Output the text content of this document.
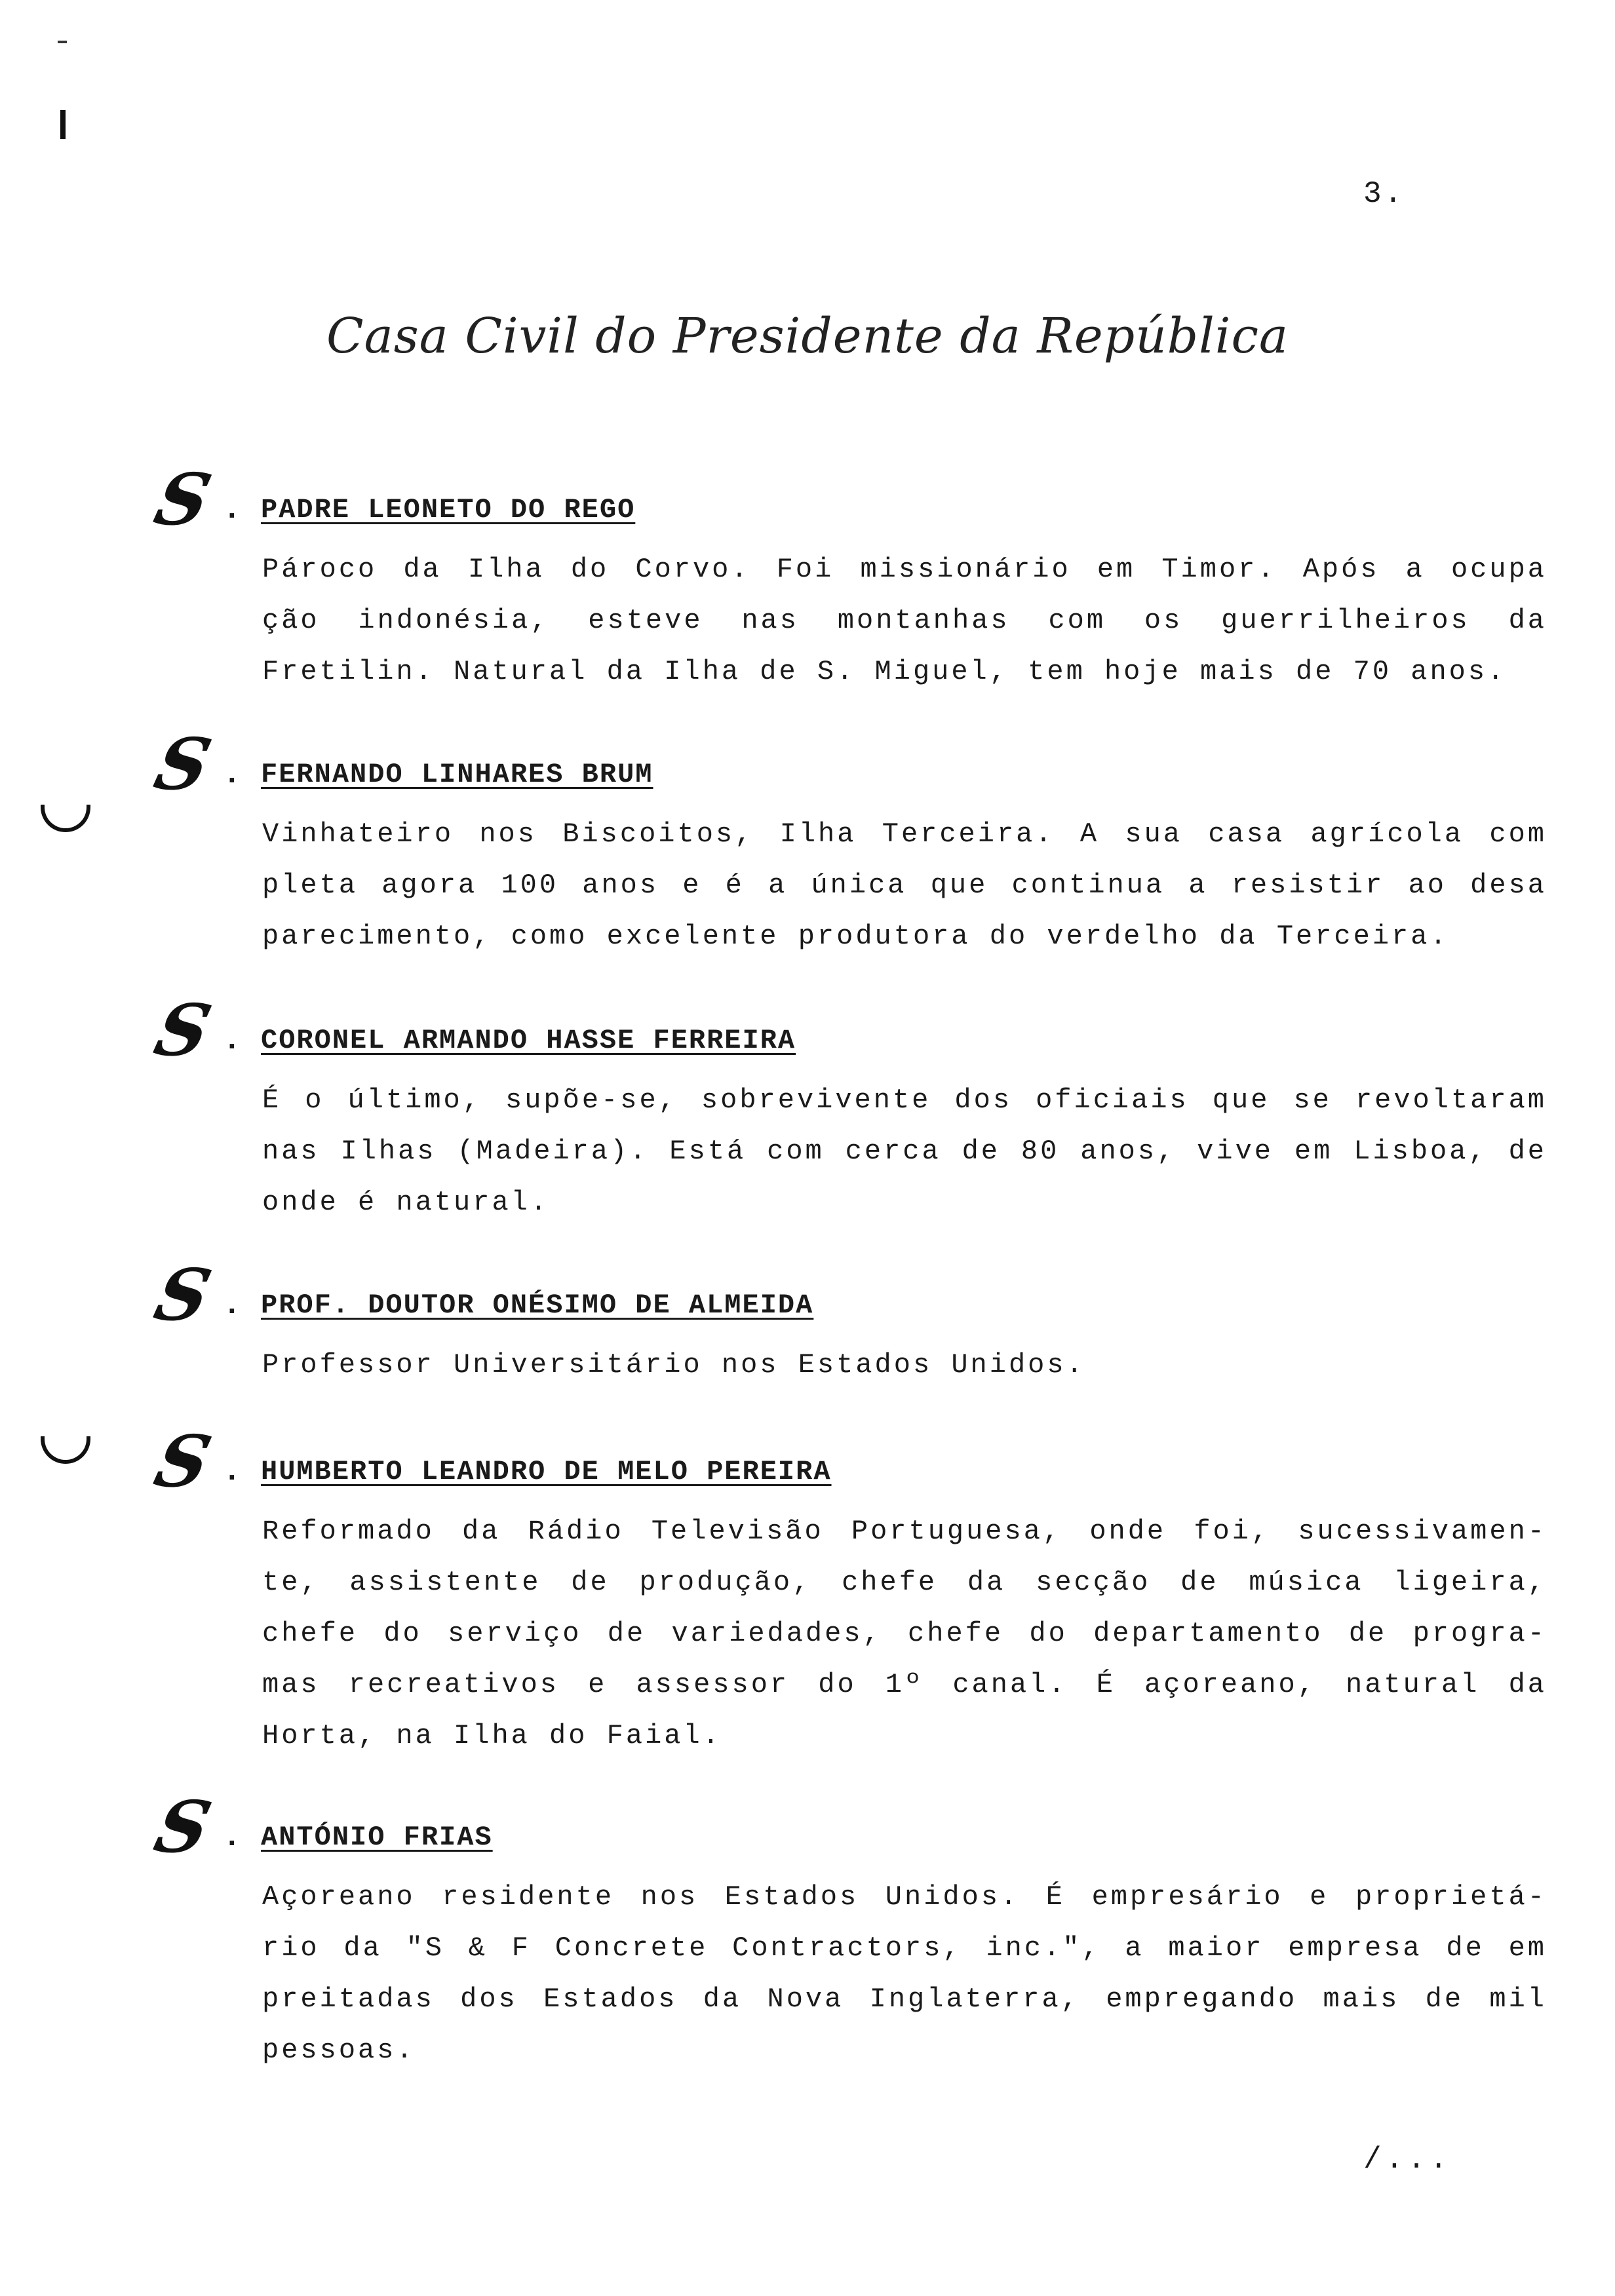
3.
Casa Civil do Presidente da República
S . PADRE LEONETO DO REGO
Pároco da Ilha do Corvo. Foi missionário em Timor. Após a ocupa
ção indonésia, esteve nas montanhas com os guerrilheiros da
Fretilin. Natural da Ilha de S. Miguel, tem hoje mais de 70 anos.
S . FERNANDO LINHARES BRUM
Vinhateiro nos Biscoitos, Ilha Terceira. A sua casa agrícola com
pleta agora 100 anos e é a única que continua a resistir ao desa
parecimento, como excelente produtora do verdelho da Terceira.
S . CORONEL ARMANDO HASSE FERREIRA
É o último, supõe-se, sobrevivente dos oficiais que se revoltaram
nas Ilhas (Madeira). Está com cerca de 80 anos, vive em Lisboa, de
onde é natural.
S . PROF. DOUTOR ONÉSIMO DE ALMEIDA
Professor Universitário nos Estados Unidos.
S . HUMBERTO LEANDRO DE MELO PEREIRA
Reformado da Rádio Televisão Portuguesa, onde foi, sucessivamen-
te, assistente de produção, chefe da secção de música ligeira,
chefe do serviço de variedades, chefe do departamento de progra-
mas recreativos e assessor do 1º canal. É açoreano, natural da
Horta, na Ilha do Faial.
S . ANTÓNIO FRIAS
Açoreano residente nos Estados Unidos. É empresário e proprietá-
rio da "S & F Concrete Contractors, inc.", a maior empresa de em
preitadas dos Estados da Nova Inglaterra, empregando mais de mil
pessoas.
/...
